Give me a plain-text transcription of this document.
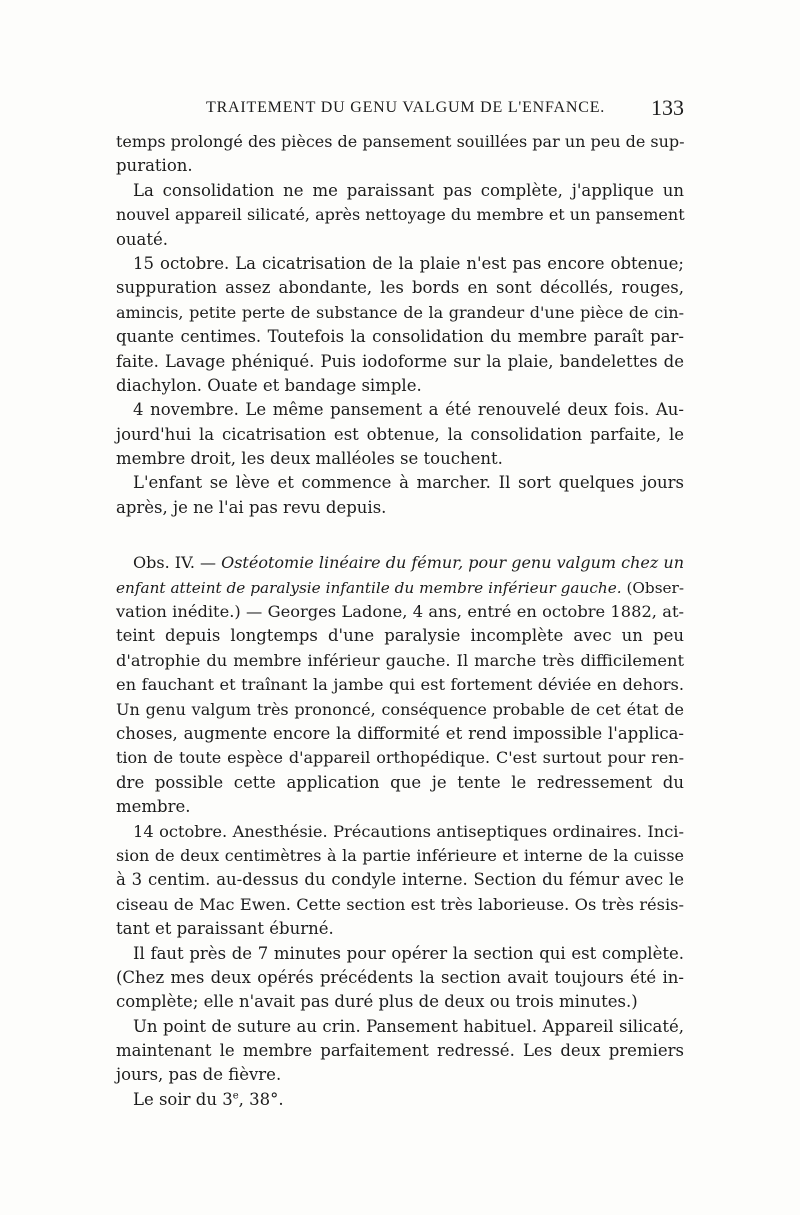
TRAITEMENT DU GENU VALGUM DE L'ENFANCE. 133
temps prolongé des pièces de pansement souillées par un peu de sup-
puration.
La consolidation ne me paraissant pas complète, j'applique un
nouvel appareil silicaté, après nettoyage du membre et un pansement
ouaté.
15 octobre. La cicatrisation de la plaie n'est pas encore obtenue;
suppuration assez abondante, les bords en sont décollés, rouges,
amincis, petite perte de substance de la grandeur d'une pièce de cin-
quante centimes. Toutefois la consolidation du membre paraît par-
faite. Lavage phéniqué. Puis iodoforme sur la plaie, bandelettes de
diachylon. Ouate et bandage simple.
4 novembre. Le même pansement a été renouvelé deux fois. Au-
jourd'hui la cicatrisation est obtenue, la consolidation parfaite, le
membre droit, les deux malléoles se touchent.
L'enfant se lève et commence à marcher. Il sort quelques jours
après, je ne l'ai pas revu depuis.
Obs. IV. — Ostéotomie linéaire du fémur, pour genu valgum chez un
enfant atteint de paralysie infantile du membre inférieur gauche. (Obser-
vation inédite.) — Georges Ladone, 4 ans, entré en octobre 1882, at-
teint depuis longtemps d'une paralysie incomplète avec un peu
d'atrophie du membre inférieur gauche. Il marche très difficilement
en fauchant et traînant la jambe qui est fortement déviée en dehors.
Un genu valgum très prononcé, conséquence probable de cet état de
choses, augmente encore la difformité et rend impossible l'applica-
tion de toute espèce d'appareil orthopédique. C'est surtout pour ren-
dre possible cette application que je tente le redressement du
membre.
14 octobre. Anesthésie. Précautions antiseptiques ordinaires. Inci-
sion de deux centimètres à la partie inférieure et interne de la cuisse
à 3 centim. au-dessus du condyle interne. Section du fémur avec le
ciseau de Mac Ewen. Cette section est très laborieuse. Os très résis-
tant et paraissant éburné.
Il faut près de 7 minutes pour opérer la section qui est complète.
(Chez mes deux opérés précédents la section avait toujours été in-
complète; elle n'avait pas duré plus de deux ou trois minutes.)
Un point de suture au crin. Pansement habituel. Appareil silicaté,
maintenant le membre parfaitement redressé. Les deux premiers
jours, pas de fièvre.
Le soir du 3e, 38°.
